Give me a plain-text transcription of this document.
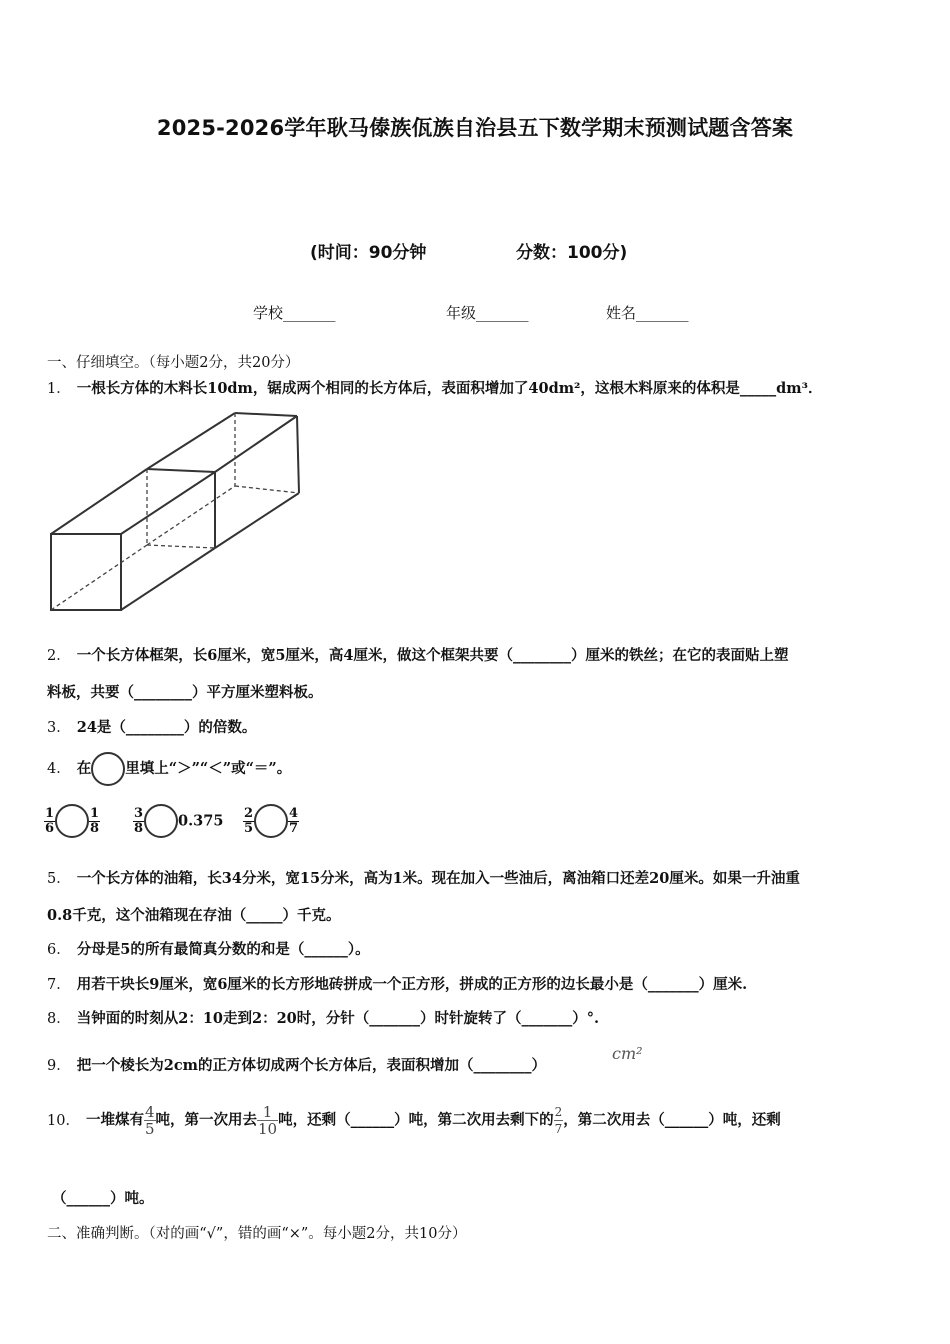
2025-2026学年耿马傣族佤族自治县五下数学期末预测试题含答案
(时间：90分钟	分数：100分)
学校_______	年级_______	姓名_______
一、仔细填空。（每小题2分，共20分）
1． 一根长方体的木料长10dm，锯成两个相同的长方体后，表面积增加了40dm²，这根木料原来的体积是_____dm³．
2． 一个长方体框架，长6厘米，宽5厘米，高4厘米，做这个框架共要（________）厘米的铁丝；在它的表面贴上塑
料板，共要（________）平方厘米塑料板。
3． 24是（________）的倍数。
4． 在 里填上“＞”“＜”或“＝”。
$\frac{1}{6}$	$\frac{1}{8}$	$\frac{3}{8} 0.375 \frac{2}{5}$	$\frac{4}{7}$
5． 一个长方体的油箱，长34分米，宽15分米，高为1米。现在加入一些油后，离油箱口还差20厘米。如果一升油重
0.8千克，这个油箱现在存油（_____）千克。
6． 分母是5的所有最简真分数的和是（______）。
7． 用若干块长9厘米，宽6厘米的长方形地砖拼成一个正方形，拼成的正方形的边长最小是（_______）厘米.
8． 当钟面的时刻从2：10走到2：20时，分针（_______）时针旋转了（_______）°.
9． 把一个棱长为2cm的正方体切成两个长方体后，表面积增加（________）
cm²
10． 一堆煤有 $\frac{4}{5}$ 吨，第一次用去 $\frac{1}{10}$ 吨，还剩（______）吨，第二次用去剩下的 $\frac{2}{7}$ ，第二次用去（______）吨，还剩
（______）吨。
二、准确判断。（对的画“√”，错的画“×”。每小题2分，共10分）
